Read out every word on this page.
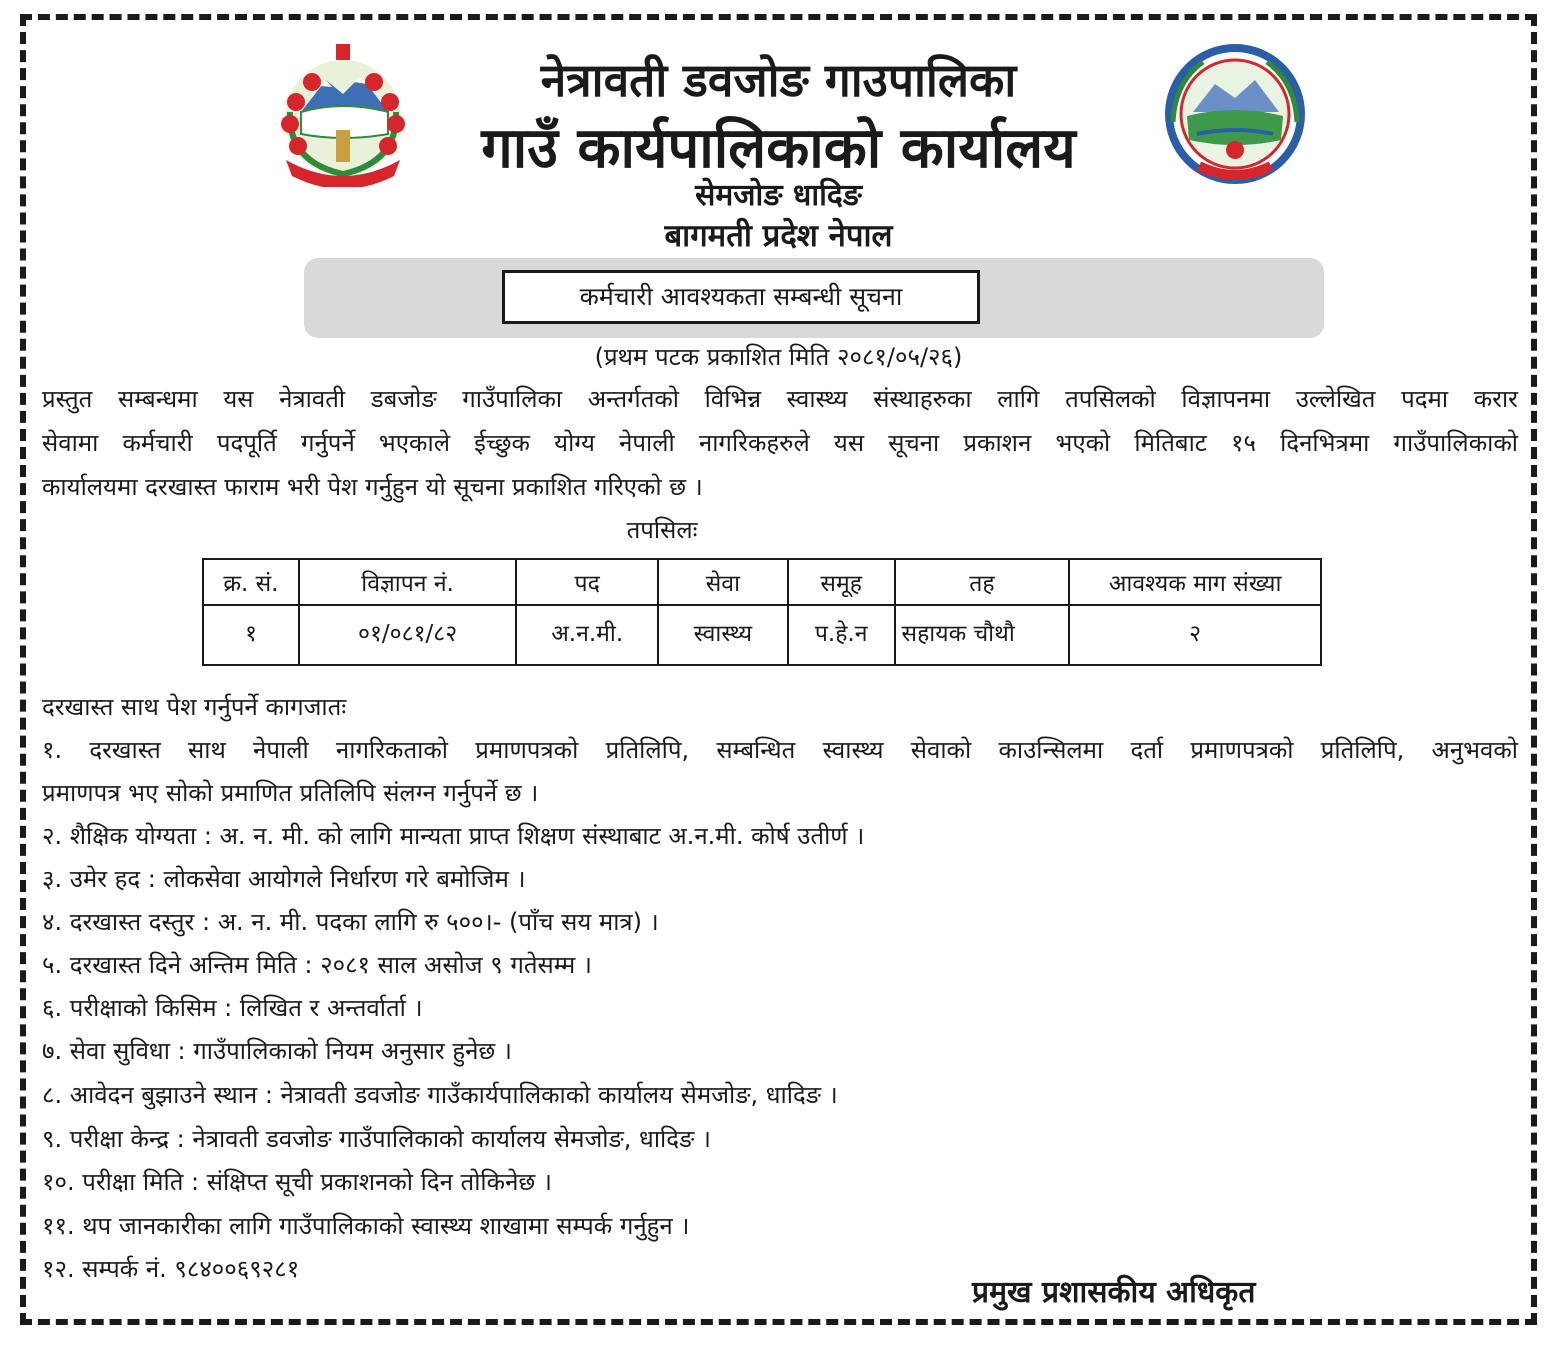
नेत्रावती डवजोङ गाउपालिका
गाउँ कार्यपालिकाको कार्यालय
सेमजोङ धादिङ
बागमती प्रदेश नेपाल
कर्मचारी आवश्यकता सम्बन्धी सूचना
(प्रथम पटक प्रकाशित मिति २०८१/०५/२६)
प्रस्तुत सम्बन्धमा यस नेत्रावती डबजोङ गाउँपालिका अन्तर्गतको विभिन्न स्वास्थ्य संस्थाहरुका लागि तपसिलको विज्ञापनमा उल्लेखित पदमा करार
सेवामा कर्मचारी पदपूर्ति गर्नुपर्ने भएकाले ईच्छुक योग्य नेपाली नागरिकहरुले यस सूचना प्रकाशन भएको मितिबाट १५ दिनभित्रमा गाउँपालिकाको
कार्यालयमा दरखास्त फाराम भरी पेश गर्नुहुन यो सूचना प्रकाशित गरिएको छ ।
तपसिलः
क्र. सं.	विज्ञापन नं.	पद	सेवा	समूह	तह	आवश्यक माग संख्या
१	०१/०८१/८२	अ.न.मी.	स्वास्थ्य	प.हे.न	सहायक चौथौ	२
दरखास्त साथ पेश गर्नुपर्ने कागजातः
१. दरखास्त साथ नेपाली नागरिकताको प्रमाणपत्रको प्रतिलिपि, सम्बन्धित स्वास्थ्य सेवाको काउन्सिलमा दर्ता प्रमाणपत्रको प्रतिलिपि, अनुभवको
प्रमाणपत्र भए सोको प्रमाणित प्रतिलिपि संलग्न गर्नुपर्ने छ ।
२. शैक्षिक योग्यता : अ. न. मी. को लागि मान्यता प्राप्त शिक्षण संस्थाबाट अ.न.मी. कोर्ष उतीर्ण ।
३. उमेर हद : लोकसेवा आयोगले निर्धारण गरे बमोजिम ।
४. दरखास्त दस्तुर : अ. न. मी. पदका लागि रु ५००।- (पाँच सय मात्र) ।
५. दरखास्त दिने अन्तिम मिति : २०८१ साल असोज ९ गतेसम्म ।
६. परीक्षाको किसिम : लिखित र अन्तर्वार्ता ।
७. सेवा सुविधा : गाउँपालिकाको नियम अनुसार हुनेछ ।
८. आवेदन बुझाउने स्थान : नेत्रावती डवजोङ गाउँकार्यपालिकाको कार्यालय सेमजोङ, धादिङ ।
९. परीक्षा केन्द्र : नेत्रावती डवजोङ गाउँपालिकाको कार्यालय सेमजोङ, धादिङ ।
१०. परीक्षा मिति : संक्षिप्त सूची प्रकाशनको दिन तोकिनेछ ।
११. थप जानकारीका लागि गाउँपालिकाको स्वास्थ्य शाखामा सम्पर्क गर्नुहुन ।
१२. सम्पर्क नं. ९८४००६९२८१
प्रमुख प्रशासकीय अधिकृत
